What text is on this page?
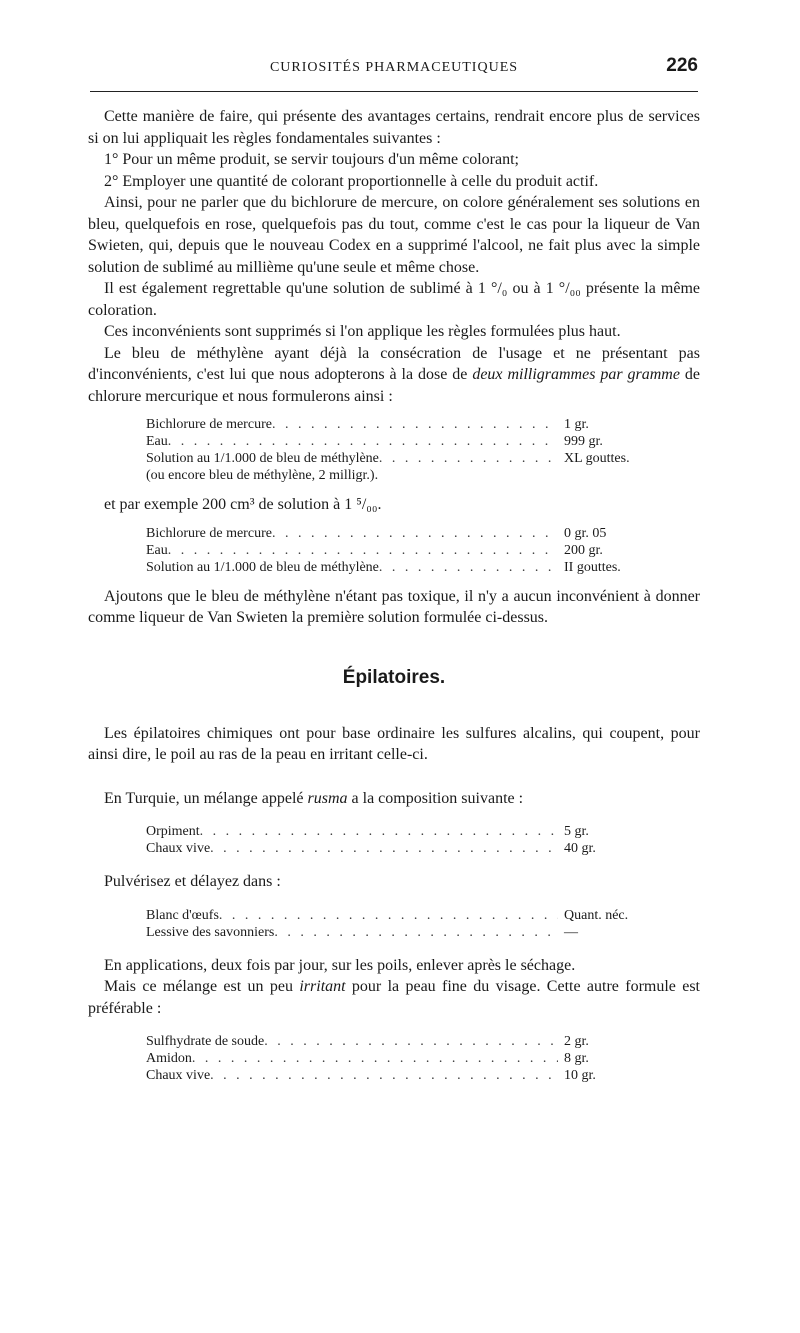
CURIOSITÉS PHARMACEUTIQUES	226

Cette manière de faire, qui présente des avantages certains, rendrait encore plus de services si on lui appliquait les règles fondamentales suivantes :

1° Pour un même produit, se servir toujours d'un même colorant;

2° Employer une quantité de colorant proportionnelle à celle du produit actif.

Ainsi, pour ne parler que du bichlorure de mercure, on colore généralement ses solutions en bleu, quelquefois en rose, quelquefois pas du tout, comme c'est le cas pour la liqueur de Van Swieten, qui, depuis que le nouveau Codex en a supprimé l'alcool, ne fait plus avec la simple solution de sublimé au millième qu'une seule et même chose.

Il est également regrettable qu'une solution de sublimé à 1 °/₀ ou à 1 °/₀₀ présente la même coloration.

Ces inconvénients sont supprimés si l'on applique les règles formulées plus haut.

Le bleu de méthylène ayant déjà la consécration de l'usage et ne présentant pas d'inconvénients, c'est lui que nous adopterons à la dose de deux milligrammes par gramme de chlorure mercurique et nous formulerons ainsi :

Bichlorure de mercure . . .	1 gr.
Eau . . .	999 gr.
Solution au 1/1.000 de bleu de méthylène . . .	XL gouttes.
(ou encore bleu de méthylène, 2 milligr.).

et par exemple 200 cm³ de solution à 1 ⁵/₀₀.

Bichlorure de mercure . . .	0 gr. 05
Eau . . .	200 gr.
Solution au 1/1.000 de bleu de méthylène . . .	II gouttes.

Ajoutons que le bleu de méthylène n'étant pas toxique, il n'y a aucun inconvénient à donner comme liqueur de Van Swieten la première solution formulée ci-dessus.

Épilatoires.

Les épilatoires chimiques ont pour base ordinaire les sulfures alcalins, qui coupent, pour ainsi dire, le poil au ras de la peau en irritant celle-ci.

En Turquie, un mélange appelé rusma a la composition suivante :

Orpiment . . .	5 gr.
Chaux vive . . .	40 gr.

Pulvérisez et délayez dans :

Blanc d'œufs . . .	Quant. néc.
Lessive des savonniers . . .	—

En applications, deux fois par jour, sur les poils, enlever après le séchage.

Mais ce mélange est un peu irritant pour la peau fine du visage. Cette autre formule est préférable :

Sulfhydrate de soude . . .	2 gr.
Amidon . . .	8 gr.
Chaux vive . . .	10 gr.
